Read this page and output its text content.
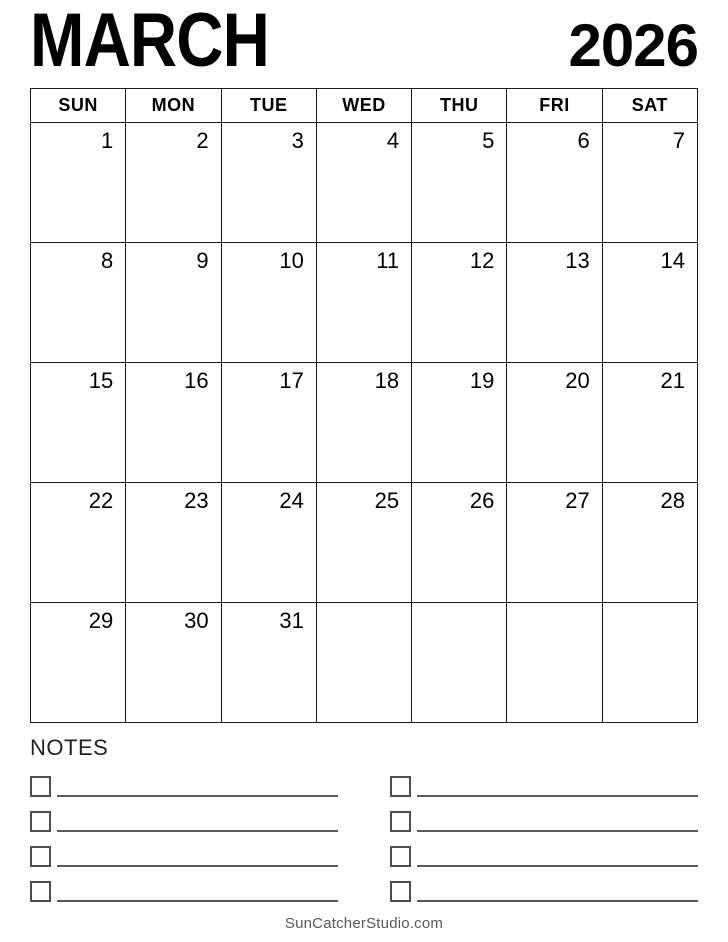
MARCH	2026
SUN	MON	TUE	WED	THU	FRI	SAT
1	2	3	4	5	6	7
8	9	10	11	12	13	14
15	16	17	18	19	20	21
22	23	24	25	26	27	28
29	30	31				
NOTES
SunCatcherStudio.com
